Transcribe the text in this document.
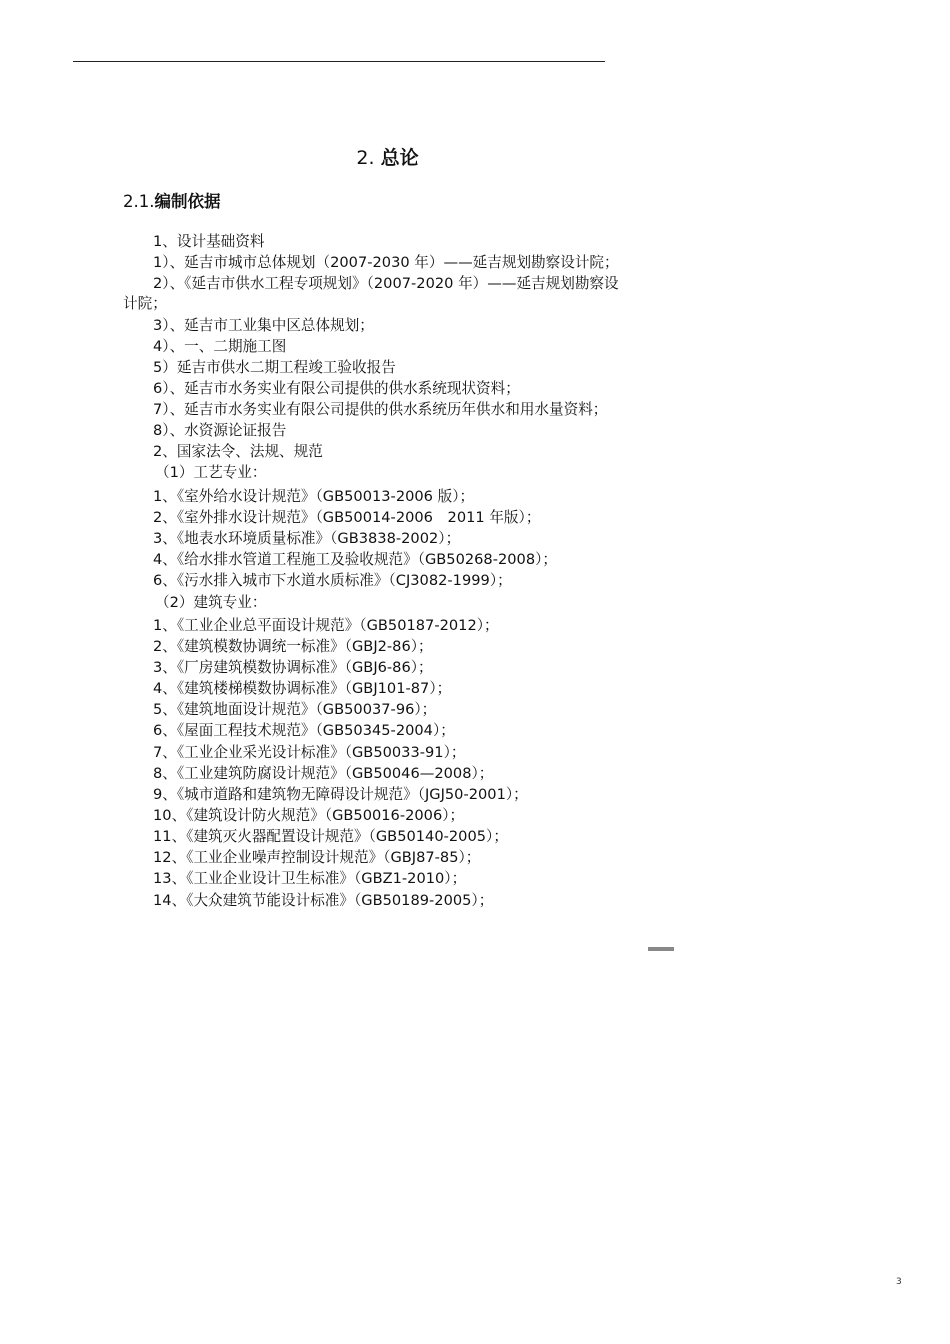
2. 总论
2.1.编制依据
1、设计基础资料
1）、延吉市城市总体规划（2007-2030 年）——延吉规划勘察设计院；
2）、《延吉市供水工程专项规划》（2007-2020 年）——延吉规划勘察设
计院；
3）、延吉市工业集中区总体规划；
4）、一、二期施工图
5）延吉市供水二期工程竣工验收报告
6）、延吉市水务实业有限公司提供的供水系统现状资料；
7）、延吉市水务实业有限公司提供的供水系统历年供水和用水量资料；
8）、水资源论证报告
2、国家法令、法规、规范
（1）工艺专业：
1、《室外给水设计规范》（GB50013-2006 版）；
2、《室外排水设计规范》（GB50014-2006　2011 年版）；
3、《地表水环境质量标准》（GB3838-2002）；
4、《给水排水管道工程施工及验收规范》（GB50268-2008）；
6、《污水排入城市下水道水质标准》（CJ3082-1999）；
（2）建筑专业：
1、《工业企业总平面设计规范》（GB50187-2012）；
2、《建筑模数协调统一标准》（GBJ2-86）；
3、《厂房建筑模数协调标准》（GBJ6-86）；
4、《建筑楼梯模数协调标准》（GBJ101-87）；
5、《建筑地面设计规范》（GB50037-96）；
6、《屋面工程技术规范》（GB50345-2004）；
7、《工业企业采光设计标准》（GB50033-91）；
8、《工业建筑防腐设计规范》（GB50046—2008）；
9、《城市道路和建筑物无障碍设计规范》（JGJ50-2001）；
10、《建筑设计防火规范》（GB50016-2006）；
11、《建筑灭火器配置设计规范》（GB50140-2005）；
12、《工业企业噪声控制设计规范》（GBJ87-85）；
13、《工业企业设计卫生标准》（GBZ1-2010）；
14、《大众建筑节能设计标准》（GB50189-2005）；
3
